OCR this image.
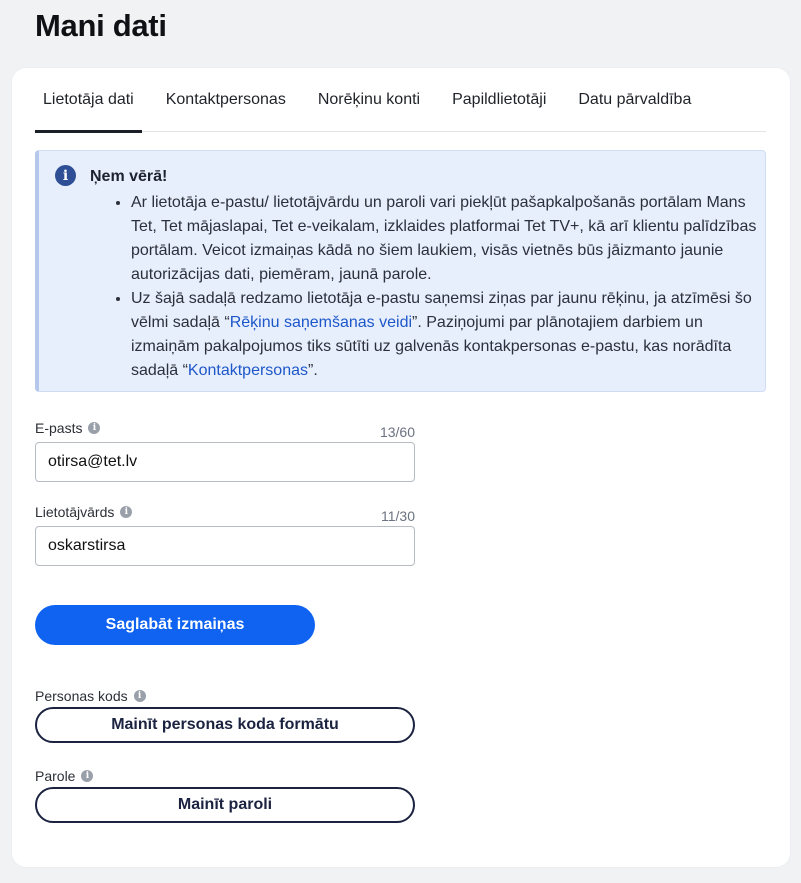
Mani dati
Lietotāja dati	Kontaktpersonas	Norēķinu konti	Papildlietotāji	Datu pārvaldība
i	Ņem vērā!
• Ar lietotāja e-pastu/ lietotājvārdu un paroli vari piekļūt pašapkalpošanās portālam Mans Tet, Tet mājaslapai, Tet e-veikalam, izklaides platformai Tet TV+, kā arī klientu palīdzības portālam. Veicot izmaiņas kādā no šiem laukiem, visās vietnēs būs jāizmanto jaunie autorizācijas dati, piemēram, jaunā parole.
• Uz šajā sadaļā redzamo lietotāja e-pastu saņemsi ziņas par jaunu rēķinu, ja atzīmēsi šo vēlmi sadaļā “Rēķinu saņemšanas veidi”. Paziņojumi par plānotajiem darbiem un izmaiņām pakalpojumos tiks sūtīti uz galvenās kontakpersonas e-pastu, kas norādīta sadaļā “Kontaktpersonas”.
E-pasts	i	13/60
otirsa@tet.lv
Lietotājvārds	i	11/30
oskarstirsa
Saglabāt izmaiņas
Personas kods	i
Mainīt personas koda formātu
Parole	i
Mainīt paroli
